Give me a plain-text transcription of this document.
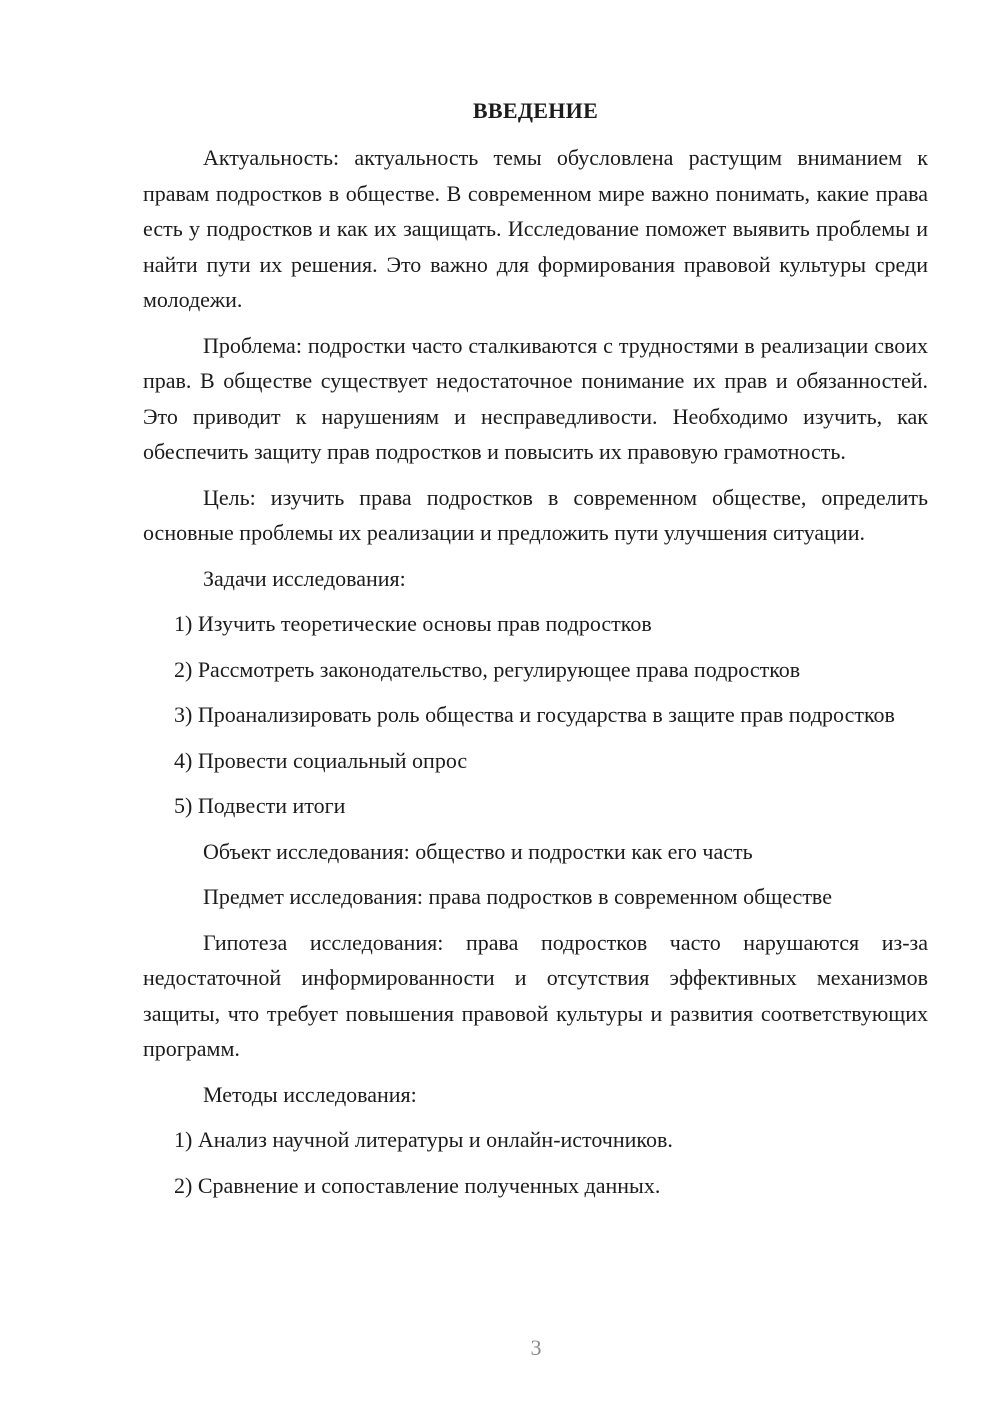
ВВЕДЕНИЕ
Актуальность: актуальность темы обусловлена растущим вниманием к правам подростков в обществе. В современном мире важно понимать, какие права есть у подростков и как их защищать. Исследование поможет выявить проблемы и найти пути их решения. Это важно для формирования правовой культуры среди молодежи.
Проблема: подростки часто сталкиваются с трудностями в реализации своих прав. В обществе существует недостаточное понимание их прав и обязанностей. Это приводит к нарушениям и несправедливости. Необходимо изучить, как обеспечить защиту прав подростков и повысить их правовую грамотность.
Цель: изучить права подростков в современном обществе, определить основные проблемы их реализации и предложить пути улучшения ситуации.
Задачи исследования:
1) Изучить теоретические основы прав подростков
2) Рассмотреть законодательство, регулирующее права подростков
3) Проанализировать роль общества и государства в защите прав подростков
4) Провести социальный опрос
5) Подвести итоги
Объект исследования: общество и подростки как его часть
Предмет исследования: права подростков в современном обществе
Гипотеза исследования: права подростков часто нарушаются из-за недостаточной информированности и отсутствия эффективных механизмов защиты, что требует повышения правовой культуры и развития соответствующих программ.
Методы исследования:
1) Анализ научной литературы и онлайн-источников.
2) Сравнение и сопоставление полученных данных.
3
